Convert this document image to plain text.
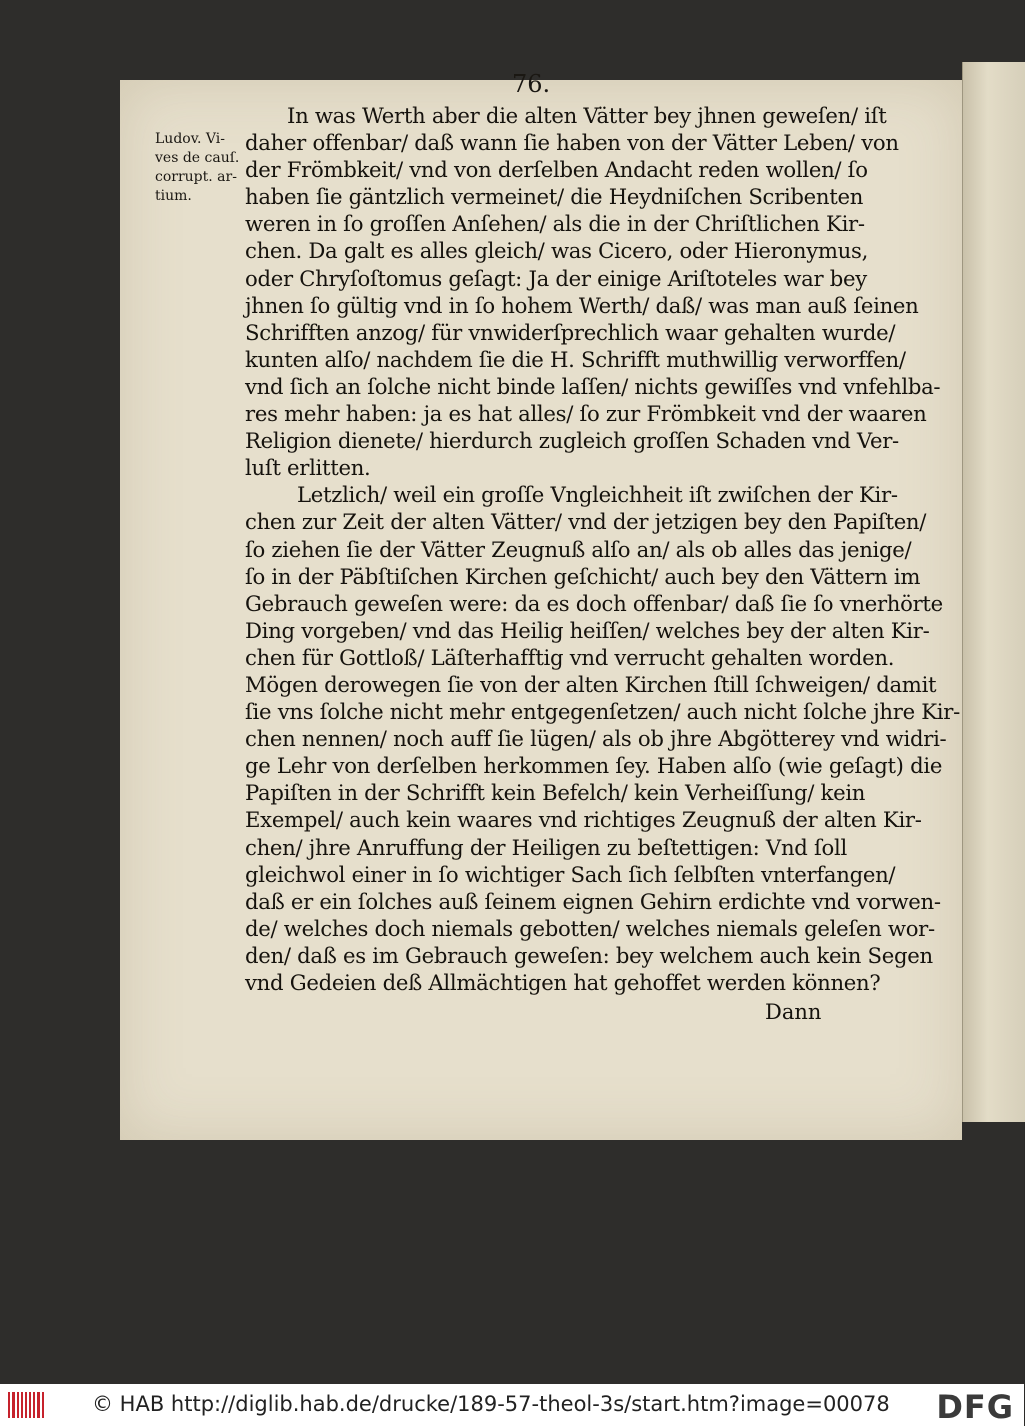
76.
Ludov. Vi-
ves de cauſ.
corrupt. ar-
tium.
In was Werth aber die alten Vätter bey jhnen geweſen/ iſt
daher offenbar/ daß wann ſie haben von der Vätter Leben/ von
der Frömbkeit/ vnd von derſelben Andacht reden wollen/ ſo
haben ſie gäntzlich vermeinet/ die Heydniſchen Scribenten
weren in ſo groſſen Anſehen/ als die in der Chriſtlichen Kir-
chen. Da galt es alles gleich/ was Cicero, oder Hieronymus,
oder Chryſoſtomus geſagt: Ja der einige Ariſtoteles war bey
jhnen ſo gültig vnd in ſo hohem Werth/ daß/ was man auß ſeinen
Schrifften anzog/ für vnwiderſprechlich waar gehalten wurde/
kunten alſo/ nachdem ſie die H. Schrifft muthwillig verworffen/
vnd ſich an ſolche nicht binde laſſen/ nichts gewiſſes vnd vnfehlba-
res mehr haben: ja es hat alles/ ſo zur Frömbkeit vnd der waaren
Religion dienete/ hierdurch zugleich groſſen Schaden vnd Ver-
luſt erlitten.
Letzlich/ weil ein groſſe Vngleichheit iſt zwiſchen der Kir-
chen zur Zeit der alten Vätter/ vnd der jetzigen bey den Papiſten/
ſo ziehen ſie der Vätter Zeugnuß alſo an/ als ob alles das jenige/
ſo in der Päbſtiſchen Kirchen geſchicht/ auch bey den Vättern im
Gebrauch geweſen were: da es doch offenbar/ daß ſie ſo vnerhörte
Ding vorgeben/ vnd das Heilig heiſſen/ welches bey der alten Kir-
chen für Gottloß/ Läſterhafftig vnd verrucht gehalten worden.
Mögen derowegen ſie von der alten Kirchen ſtill ſchweigen/ damit
ſie vns ſolche nicht mehr entgegenſetzen/ auch nicht ſolche jhre Kir-
chen nennen/ noch auff ſie lügen/ als ob jhre Abgötterey vnd widri-
ge Lehr von derſelben herkommen ſey. Haben alſo (wie geſagt) die
Papiſten in der Schrifft kein Befelch/ kein Verheiſſung/ kein
Exempel/ auch kein waares vnd richtiges Zeugnuß der alten Kir-
chen/ jhre Anruffung der Heiligen zu beſtettigen: Vnd ſoll
gleichwol einer in ſo wichtiger Sach ſich ſelbſten vnterfangen/
daß er ein ſolches auß ſeinem eignen Gehirn erdichte vnd vorwen-
de/ welches doch niemals gebotten/ welches niemals geleſen wor-
den/ daß es im Gebrauch geweſen: bey welchem auch kein Segen
vnd Gedeien deß Allmächtigen hat gehoffet werden können?
Dann
© HAB http://diglib.hab.de/drucke/189-57-theol-3s/start.htm?image=00078 DFG
